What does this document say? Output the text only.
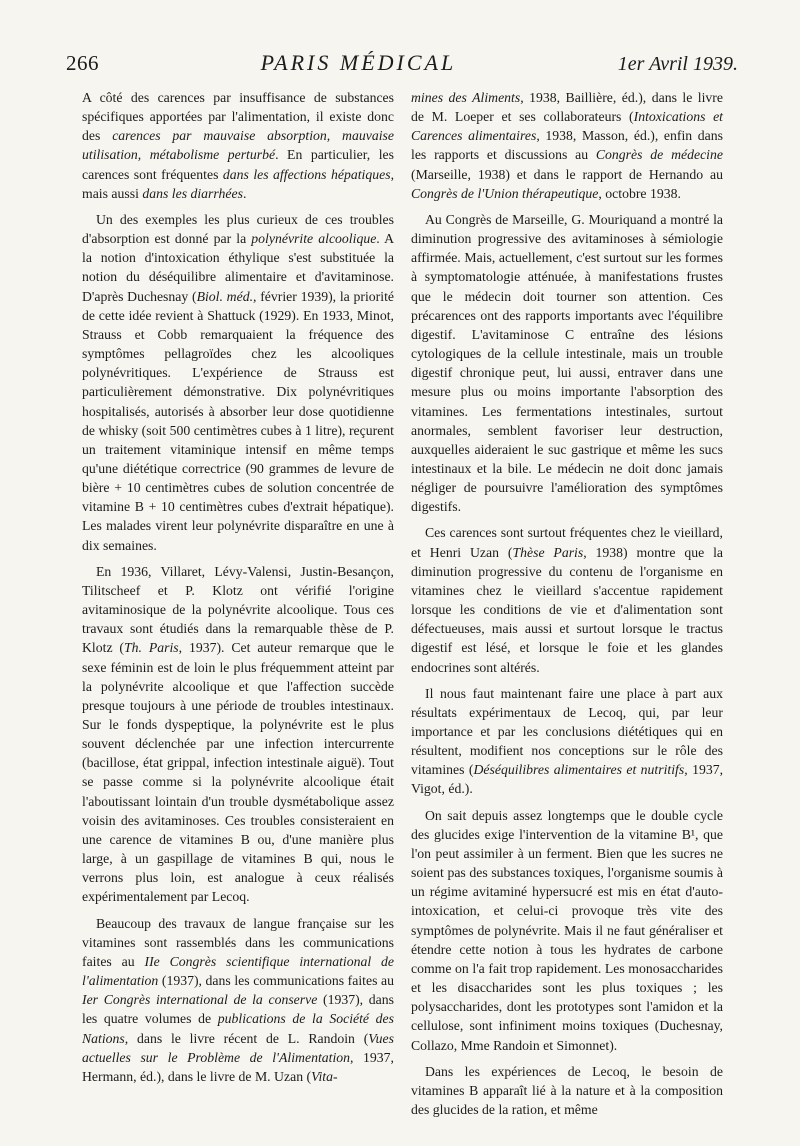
266	PARIS MÉDICAL	1er Avril 1939.

A côté des carences par insuffisance de substances spécifiques apportées par l'alimentation, il existe donc des carences par mauvaise absorption, mauvaise utilisation, métabolisme perturbé. En particulier, les carences sont fréquentes dans les affections hépatiques, mais aussi dans les diarrhées.

Un des exemples les plus curieux de ces troubles d'absorption est donné par la polynévrite alcoolique. A la notion d'intoxication éthylique s'est substituée la notion du déséquilibre alimentaire et d'avitaminose. D'après Duchesnay (Biol. méd., février 1939), la priorité de cette idée revient à Shattuck (1929). En 1933, Minot, Strauss et Cobb remarquaient la fréquence des symptômes pellagroïdes chez les alcooliques polynévritiques. L'expérience de Strauss est particulièrement démonstrative. Dix polynévritiques hospitalisés, autorisés à absorber leur dose quotidienne de whisky (soit 500 centimètres cubes à 1 litre), reçurent un traitement vitaminique intensif en même temps qu'une diététique correctrice (90 grammes de levure de bière + 10 centimètres cubes de solution concentrée de vitamine B + 10 centimètres cubes d'extrait hépatique). Les malades virent leur polynévrite disparaître en une à dix semaines.

En 1936, Villaret, Lévy-Valensi, Justin-Besançon, Tilitscheef et P. Klotz ont vérifié l'origine avitaminosique de la polynévrite alcoolique. Tous ces travaux sont étudiés dans la remarquable thèse de P. Klotz (Th. Paris, 1937). Cet auteur remarque que le sexe féminin est de loin le plus fréquemment atteint par la polynévrite alcoolique et que l'affection succède presque toujours à une période de troubles intestinaux. Sur le fonds dyspeptique, la polynévrite est le plus souvent déclenchée par une infection intercurrente (bacillose, état grippal, infection intestinale aiguë). Tout se passe comme si la polynévrite alcoolique était l'aboutissant lointain d'un trouble dysmétabolique assez voisin des avitaminoses. Ces troubles consisteraient en une carence de vitamines B ou, d'une manière plus large, à un gaspillage de vitamines B qui, nous le verrons plus loin, est analogue à ceux réalisés expérimentalement par Lecoq.

Beaucoup des travaux de langue française sur les vitamines sont rassemblés dans les communications faites au IIe Congrès scientifique international de l'alimentation (1937), dans les communications faites au Ier Congrès international de la conserve (1937), dans les quatre volumes de publications de la Société des Nations, dans le livre récent de L. Randoin (Vues actuelles sur le Problème de l'Alimentation, 1937, Hermann, éd.), dans le livre de M. Uzan (Vita-

mines des Aliments, 1938, Baillière, éd.), dans le livre de M. Loeper et ses collaborateurs (Intoxications et Carences alimentaires, 1938, Masson, éd.), enfin dans les rapports et discussions au Congrès de médecine (Marseille, 1938) et dans le rapport de Hernando au Congrès de l'Union thérapeutique, octobre 1938.

Au Congrès de Marseille, G. Mouriquand a montré la diminution progressive des avitaminoses à sémiologie affirmée. Mais, actuellement, c'est surtout sur les formes à symptomatologie atténuée, à manifestations frustes que le médecin doit tourner son attention. Ces précarences ont des rapports importants avec l'équilibre digestif. L'avitaminose C entraîne des lésions cytologiques de la cellule intestinale, mais un trouble digestif chronique peut, lui aussi, entraver dans une mesure plus ou moins importante l'absorption des vitamines. Les fermentations intestinales, surtout anormales, semblent favoriser leur destruction, auxquelles aideraient le suc gastrique et même les sucs intestinaux et la bile. Le médecin ne doit donc jamais négliger de poursuivre l'amélioration des symptômes digestifs.

Ces carences sont surtout fréquentes chez le vieillard, et Henri Uzan (Thèse Paris, 1938) montre que la diminution progressive du contenu de l'organisme en vitamines chez le vieillard s'accentue rapidement lorsque les conditions de vie et d'alimentation sont défectueuses, mais aussi et surtout lorsque le tractus digestif est lésé, et lorsque le foie et les glandes endocrines sont altérés.

Il nous faut maintenant faire une place à part aux résultats expérimentaux de Lecoq, qui, par leur importance et par les conclusions diététiques qui en résultent, modifient nos conceptions sur le rôle des vitamines (Déséquilibres alimentaires et nutritifs, 1937, Vigot, éd.).

On sait depuis assez longtemps que le double cycle des glucides exige l'intervention de la vitamine B¹, que l'on peut assimiler à un ferment. Bien que les sucres ne soient pas des substances toxiques, l'organisme soumis à un régime avitaminé hypersucré est mis en état d'auto-intoxication, et celui-ci provoque très vite des symptômes de polynévrite. Mais il ne faut généraliser et étendre cette notion à tous les hydrates de carbone comme on l'a fait trop rapidement. Les monosaccharides et les disaccharides sont les plus toxiques ; les polysaccharides, dont les prototypes sont l'amidon et la cellulose, sont infiniment moins toxiques (Duchesnay, Collazo, Mme Randoin et Simonnet).

Dans les expériences de Lecoq, le besoin de vitamines B apparaît lié à la nature et à la composition des glucides de la ration, et même
